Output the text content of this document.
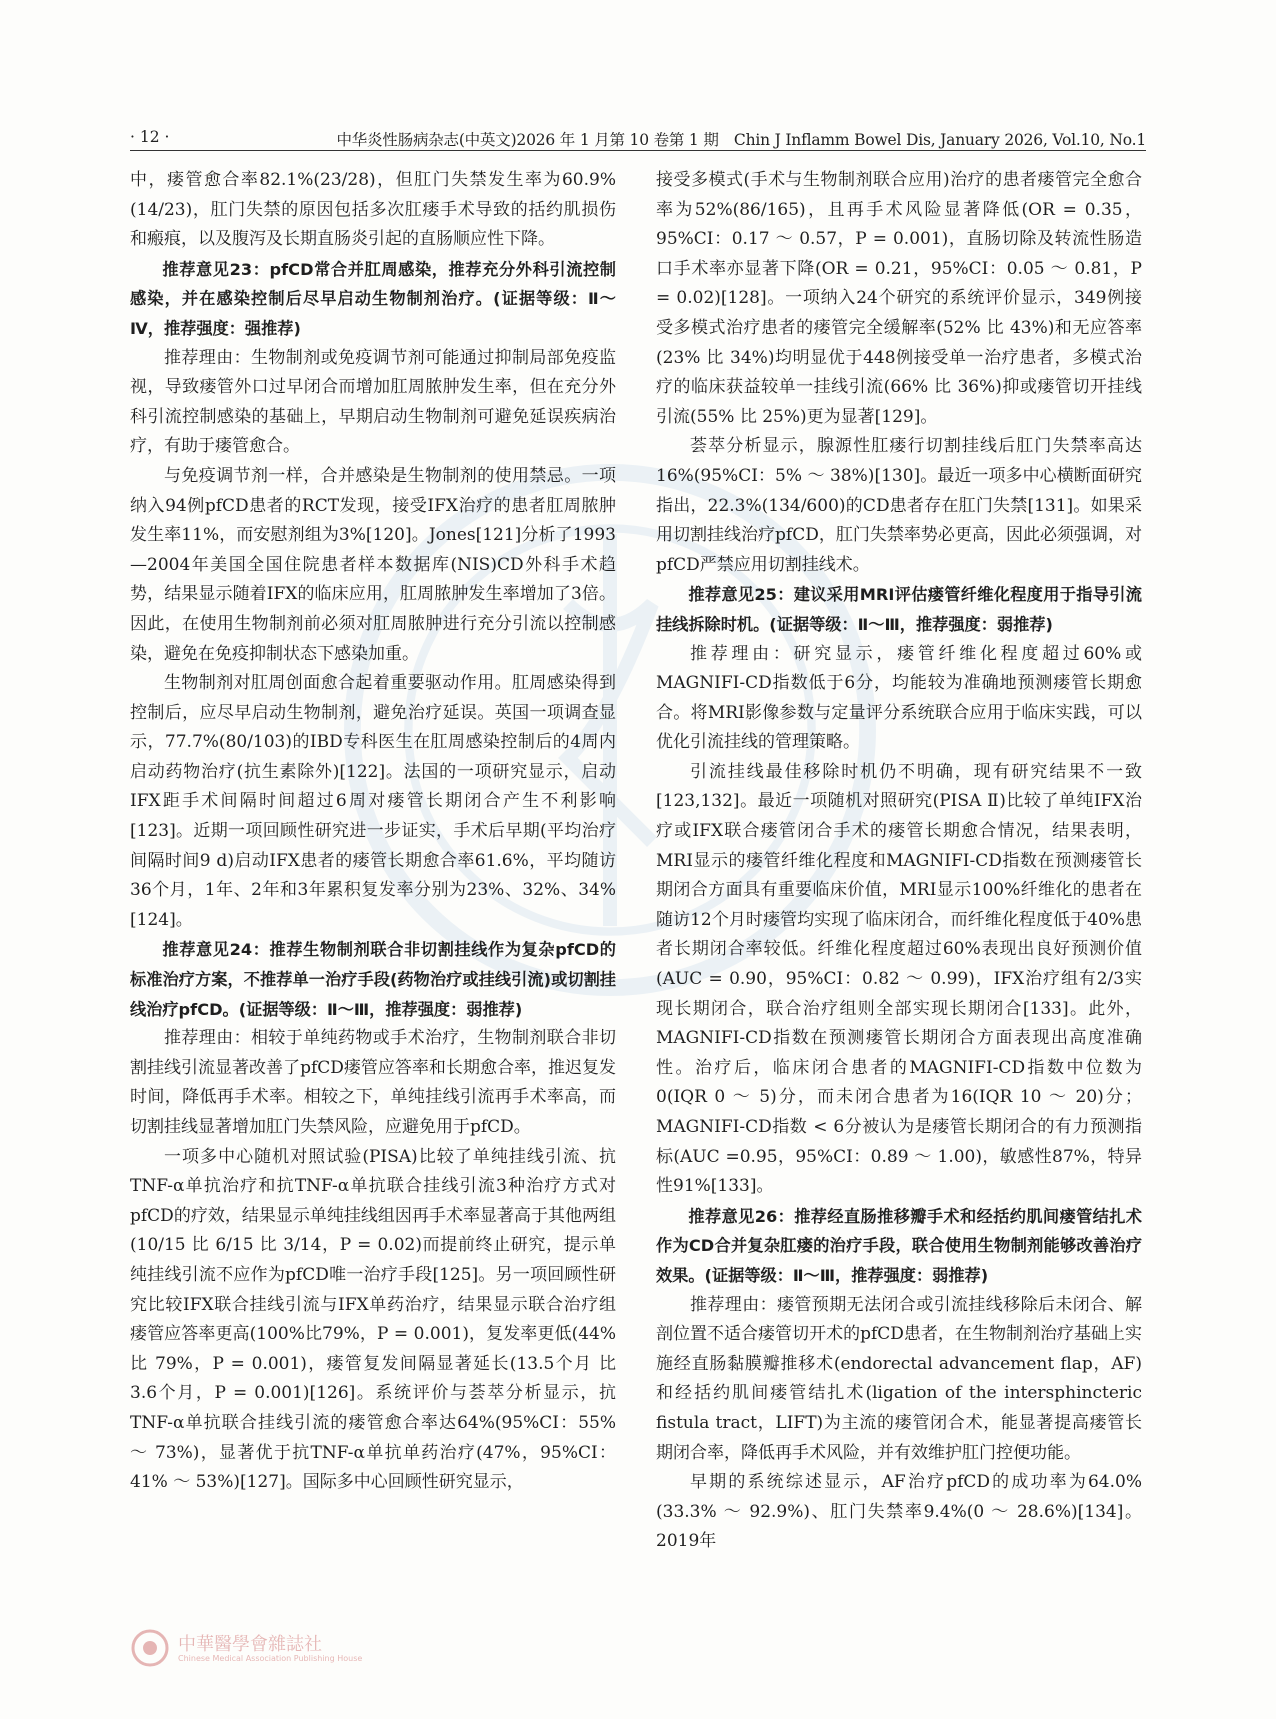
· 12 ·	中华炎性肠病杂志(中英文)2026 年 1 月第 10 卷第 1 期　Chin J Inflamm Bowel Dis, January 2026, Vol.10, No.1

中，瘘管愈合率82.1%(23/28)，但肛门失禁发生率为60.9%(14/23)，肛门失禁的原因包括多次肛瘘手术导致的括约肌损伤和瘢痕，以及腹泻及长期直肠炎引起的直肠顺应性下降。

推荐意见23：pfCD常合并肛周感染，推荐充分外科引流控制感染，并在感染控制后尽早启动生物制剂治疗。(证据等级：Ⅱ～Ⅳ，推荐强度：强推荐)

推荐理由：生物制剂或免疫调节剂可能通过抑制局部免疫监视，导致瘘管外口过早闭合而增加肛周脓肿发生率，但在充分外科引流控制感染的基础上，早期启动生物制剂可避免延误疾病治疗，有助于瘘管愈合。

与免疫调节剂一样，合并感染是生物制剂的使用禁忌。一项纳入94例pfCD患者的RCT发现，接受IFX治疗的患者肛周脓肿发生率11%，而安慰剂组为3%[120]。Jones[121]分析了1993—2004年美国全国住院患者样本数据库(NIS)CD外科手术趋势，结果显示随着IFX的临床应用，肛周脓肿发生率增加了3倍。因此，在使用生物制剂前必须对肛周脓肿进行充分引流以控制感染，避免在免疫抑制状态下感染加重。

生物制剂对肛周创面愈合起着重要驱动作用。肛周感染得到控制后，应尽早启动生物制剂，避免治疗延误。英国一项调查显示，77.7%(80/103)的IBD专科医生在肛周感染控制后的4周内启动药物治疗(抗生素除外)[122]。法国的一项研究显示，启动IFX距手术间隔时间超过6周对瘘管长期闭合产生不利影响[123]。近期一项回顾性研究进一步证实，手术后早期(平均治疗间隔时间9 d)启动IFX患者的瘘管长期愈合率61.6%，平均随访36个月，1年、2年和3年累积复发率分别为23%、32%、34%[124]。

推荐意见24：推荐生物制剂联合非切割挂线作为复杂pfCD的标准治疗方案，不推荐单一治疗手段(药物治疗或挂线引流)或切割挂线治疗pfCD。(证据等级：Ⅱ～Ⅲ，推荐强度：弱推荐)

推荐理由：相较于单纯药物或手术治疗，生物制剂联合非切割挂线引流显著改善了pfCD瘘管应答率和长期愈合率，推迟复发时间，降低再手术率。相较之下，单纯挂线引流再手术率高，而切割挂线显著增加肛门失禁风险，应避免用于pfCD。

一项多中心随机对照试验(PISA)比较了单纯挂线引流、抗TNF-α单抗治疗和抗TNF-α单抗联合挂线引流3种治疗方式对pfCD的疗效，结果显示单纯挂线组因再手术率显著高于其他两组(10/15 比 6/15 比 3/14，P = 0.02)而提前终止研究，提示单纯挂线引流不应作为pfCD唯一治疗手段[125]。另一项回顾性研究比较IFX联合挂线引流与IFX单药治疗，结果显示联合治疗组瘘管应答率更高(100%比79%，P = 0.001)，复发率更低(44% 比 79%，P = 0.001)，瘘管复发间隔显著延长(13.5个月 比 3.6个月，P = 0.001)[126]。系统评价与荟萃分析显示，抗TNF-α单抗联合挂线引流的瘘管愈合率达64%(95%CI：55% ～ 73%)，显著优于抗TNF-α单抗单药治疗(47%，95%CI：41% ～ 53%)[127]。国际多中心回顾性研究显示，

接受多模式(手术与生物制剂联合应用)治疗的患者瘘管完全愈合率为52%(86/165)，且再手术风险显著降低(OR = 0.35，95%CI：0.17 ～ 0.57，P = 0.001)，直肠切除及转流性肠造口手术率亦显著下降(OR = 0.21，95%CI：0.05 ～ 0.81，P = 0.02)[128]。一项纳入24个研究的系统评价显示，349例接受多模式治疗患者的瘘管完全缓解率(52% 比 43%)和无应答率(23% 比 34%)均明显优于448例接受单一治疗患者，多模式治疗的临床获益较单一挂线引流(66% 比 36%)抑或瘘管切开挂线引流(55% 比 25%)更为显著[129]。

荟萃分析显示，腺源性肛瘘行切割挂线后肛门失禁率高达16%(95%CI：5% ～ 38%)[130]。最近一项多中心横断面研究指出，22.3%(134/600)的CD患者存在肛门失禁[131]。如果采用切割挂线治疗pfCD，肛门失禁率势必更高，因此必须强调，对pfCD严禁应用切割挂线术。

推荐意见25：建议采用MRI评估瘘管纤维化程度用于指导引流挂线拆除时机。(证据等级：Ⅱ～Ⅲ，推荐强度：弱推荐)

推荐理由：研究显示，瘘管纤维化程度超过60%或MAGNIFI-CD指数低于6分，均能较为准确地预测瘘管长期愈合。将MRI影像参数与定量评分系统联合应用于临床实践，可以优化引流挂线的管理策略。

引流挂线最佳移除时机仍不明确，现有研究结果不一致[123,132]。最近一项随机对照研究(PISA Ⅱ)比较了单纯IFX治疗或IFX联合瘘管闭合手术的瘘管长期愈合情况，结果表明，MRI显示的瘘管纤维化程度和MAGNIFI-CD指数在预测瘘管长期闭合方面具有重要临床价值，MRI显示100%纤维化的患者在随访12个月时瘘管均实现了临床闭合，而纤维化程度低于40%患者长期闭合率较低。纤维化程度超过60%表现出良好预测价值(AUC = 0.90，95%CI：0.82 ～ 0.99)，IFX治疗组有2/3实现长期闭合，联合治疗组则全部实现长期闭合[133]。此外，MAGNIFI-CD指数在预测瘘管长期闭合方面表现出高度准确性。治疗后，临床闭合患者的MAGNIFI-CD指数中位数为0(IQR 0 ～ 5)分，而未闭合患者为16(IQR 10 ～ 20)分；MAGNIFI-CD指数 < 6分被认为是瘘管长期闭合的有力预测指标(AUC =0.95，95%CI：0.89 ～ 1.00)，敏感性87%，特异性91%[133]。

推荐意见26：推荐经直肠推移瓣手术和经括约肌间瘘管结扎术作为CD合并复杂肛瘘的治疗手段，联合使用生物制剂能够改善治疗效果。(证据等级：Ⅱ～Ⅲ，推荐强度：弱推荐)

推荐理由：瘘管预期无法闭合或引流挂线移除后未闭合、解剖位置不适合瘘管切开术的pfCD患者，在生物制剂治疗基础上实施经直肠黏膜瓣推移术(endorectal advancement flap，AF)和经括约肌间瘘管结扎术(ligation of the intersphincteric fistula tract，LIFT)为主流的瘘管闭合术，能显著提高瘘管长期闭合率，降低再手术风险，并有效维护肛门控便功能。

早期的系统综述显示，AF治疗pfCD的成功率为64.0%(33.3% ～ 92.9%)、肛门失禁率9.4%(0 ～ 28.6%)[134]。2019年

中華醫學會雜誌社
Chinese Medical Association Publishing House
